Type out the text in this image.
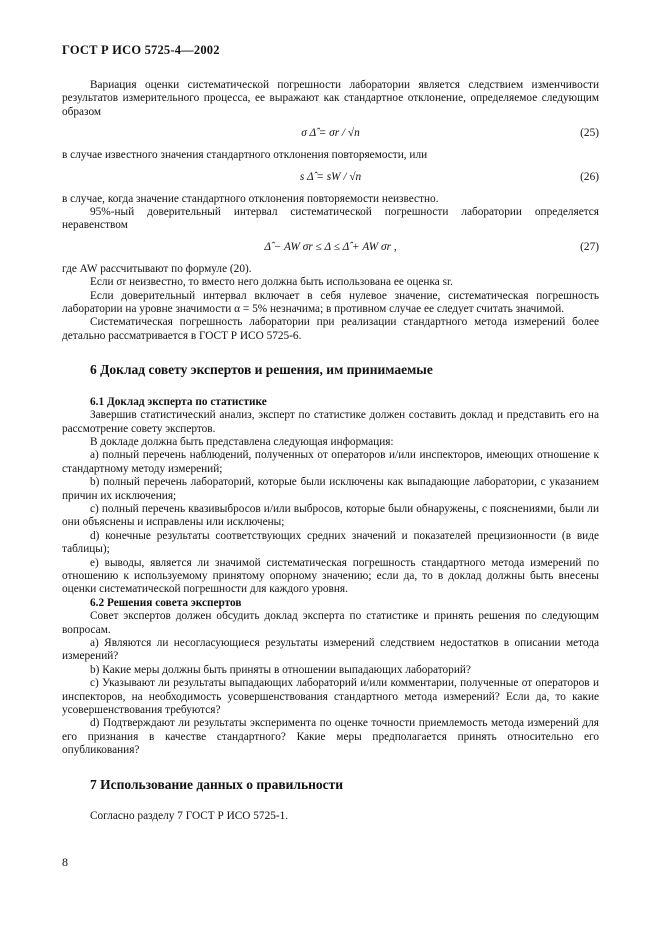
ГОСТ Р ИСО 5725-4—2002

Вариация оценки систематической погрешности лаборатории является следствием изменчивости результатов измерительного процесса, ее выражают как стандартное отклонение, определяемое следующим образом

σ Δ̂ = σr / √n	(25)

в случае известного значения стандартного отклонения повторяемости, или

s Δ̂ = sW / √n	(26)

в случае, когда значение стандартного отклонения повторяемости неизвестно.

95%-ный доверительный интервал систематической погрешности лаборатории определяется неравенством

Δ̂ − AW σr ≤ Δ ≤ Δ̂ + AW σr ,	(27)

где AW рассчитывают по формуле (20).

Если σr неизвестно, то вместо него должна быть использована ее оценка sr.

Если доверительный интервал включает в себя нулевое значение, систематическая погрешность лаборатории на уровне значимости α = 5% незначима; в противном случае ее следует считать значимой.

Систематическая погрешность лаборатории при реализации стандартного метода измерений более детально рассматривается в ГОСТ Р ИСО 5725-6.

6 Доклад совету экспертов и решения, им принимаемые

6.1 Доклад эксперта по статистике

Завершив статистический анализ, эксперт по статистике должен составить доклад и представить его на рассмотрение совету экспертов.

В докладе должна быть представлена следующая информация:

a) полный перечень наблюдений, полученных от операторов и/или инспекторов, имеющих отношение к стандартному методу измерений;

b) полный перечень лабораторий, которые были исключены как выпадающие лаборатории, с указанием причин их исключения;

c) полный перечень квазивыбросов и/или выбросов, которые были обнаружены, с пояснениями, были ли они объяснены и исправлены или исключены;

d) конечные результаты соответствующих средних значений и показателей прецизионности (в виде таблицы);

e) выводы, является ли значимой систематическая погрешность стандартного метода измерений по отношению к используемому принятому опорному значению; если да, то в доклад должны быть внесены оценки систематической погрешности для каждого уровня.

6.2 Решения совета экспертов

Совет экспертов должен обсудить доклад эксперта по статистике и принять решения по следующим вопросам.

a) Являются ли несогласующиеся результаты измерений следствием недостатков в описании метода измерений?

b) Какие меры должны быть приняты в отношении выпадающих лабораторий?

c) Указывают ли результаты выпадающих лабораторий и/или комментарии, полученные от операторов и инспекторов, на необходимость усовершенствования стандартного метода измерений? Если да, то какие усовершенствования требуются?

d) Подтверждают ли результаты эксперимента по оценке точности приемлемость метода измерений для его признания в качестве стандартного? Какие меры предполагается принять относительно его опубликования?

7 Использование данных о правильности

Согласно разделу 7 ГОСТ Р ИСО 5725-1.

8
